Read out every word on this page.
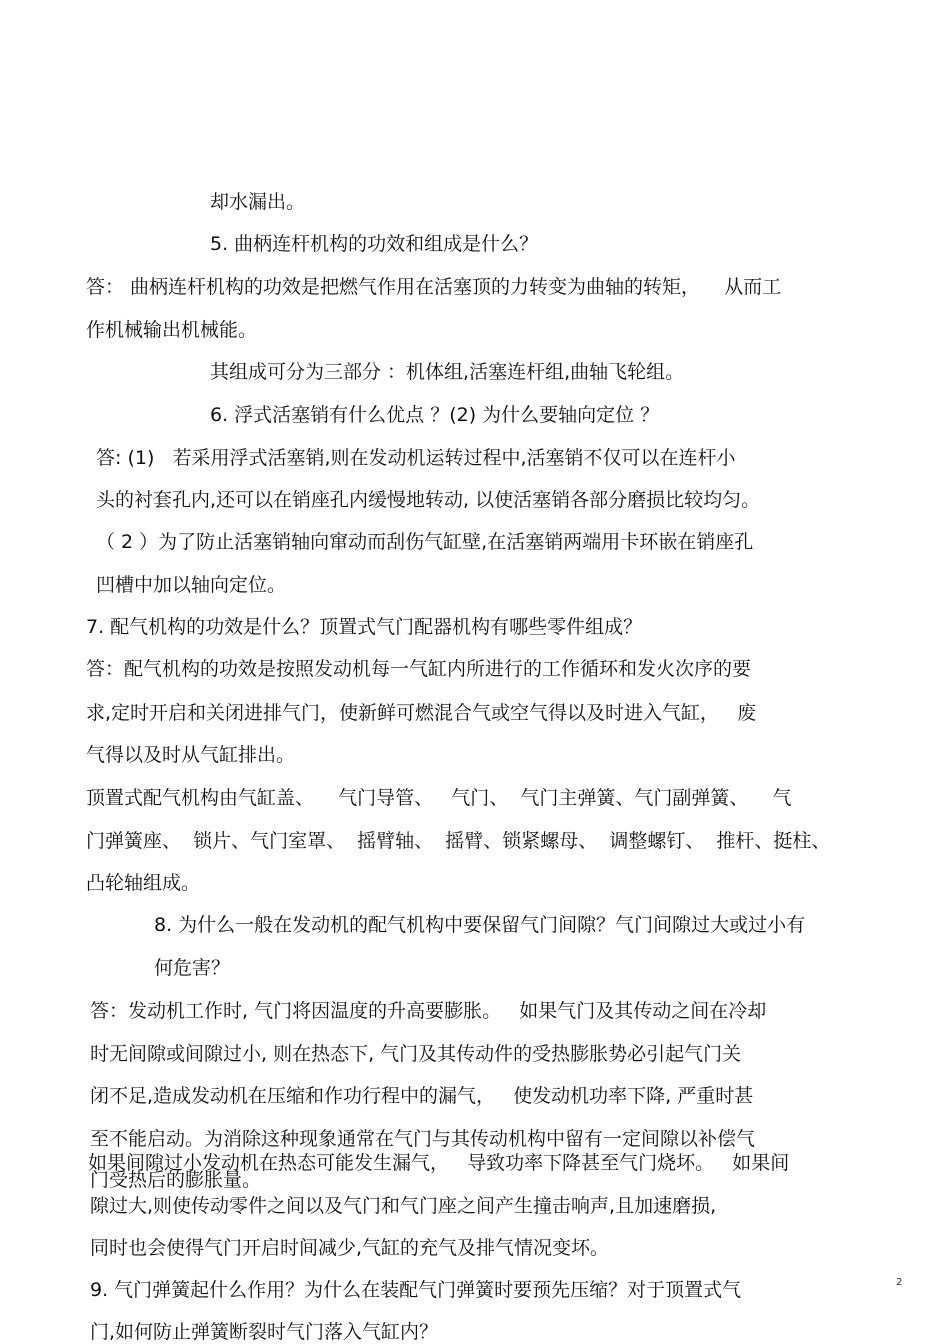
却水漏出。
5. 曲柄连杆机构的功效和组成是什么？
答： 曲柄连杆机构的功效是把燃气作用在活塞顶的力转变为曲轴的转矩，    从而工
作机械输出机械能。
其组成可分为三部分 ：机体组,活塞连杆组,曲轴飞轮组。
6. 浮式活塞销有什么优点 ？(2) 为什么要轴向定位 ？
答: (1)   若采用浮式活塞销,则在发动机运转过程中,活塞销不仅可以在连杆小
头的衬套孔内,还可以在销座孔内缓慢地转动, 以使活塞销各部分磨损比较均匀。
（ 2 ）为了防止活塞销轴向窜动而刮伤气缸壁,在活塞销两端用卡环嵌在销座孔
凹槽中加以轴向定位。
7. 配气机构的功效是什么？顶置式气门配器机构有哪些零件组成？
答：配气机构的功效是按照发动机每一气缸内所进行的工作循环和发火次序的要
求,定时开启和关闭进排气门，使新鲜可燃混合气或空气得以及时进入气缸，   废
气得以及时从气缸排出。
顶置式配气机构由气缸盖、    气门导管、   气门、  气门主弹簧、气门副弹簧、    气
门弹簧座、  锁片、气门室罩、  摇臂轴、  摇臂、锁紧螺母、  调整螺钉、  推杆、挺柱、
凸轮轴组成。
8. 为什么一般在发动机的配气机构中要保留气门间隙？气门间隙过大或过小有
何危害？
答：发动机工作时, 气门将因温度的升高要膨胀。   如果气门及其传动之间在冷却
时无间隙或间隙过小, 则在热态下, 气门及其传动件的受热膨胀势必引起气门关
闭不足,造成发动机在压缩和作功行程中的漏气，   使发动机功率下降, 严重时甚
至不能启动。为消除这种现象通常在气门与其传动机构中留有一定间隙以补偿气
门受热后的膨胀量。
如果间隙过小发动机在热态可能发生漏气，   导致功率下降甚至气门烧坏。   如果间
隙过大,则使传动零件之间以及气门和气门座之间产生撞击响声,且加速磨损,
同时也会使得气门开启时间减少,气缸的充气及排气情况变坏。
9. 气门弹簧起什么作用？为什么在装配气门弹簧时要预先压缩？对于顶置式气
门,如何防止弹簧断裂时气门落入气缸内？
2
